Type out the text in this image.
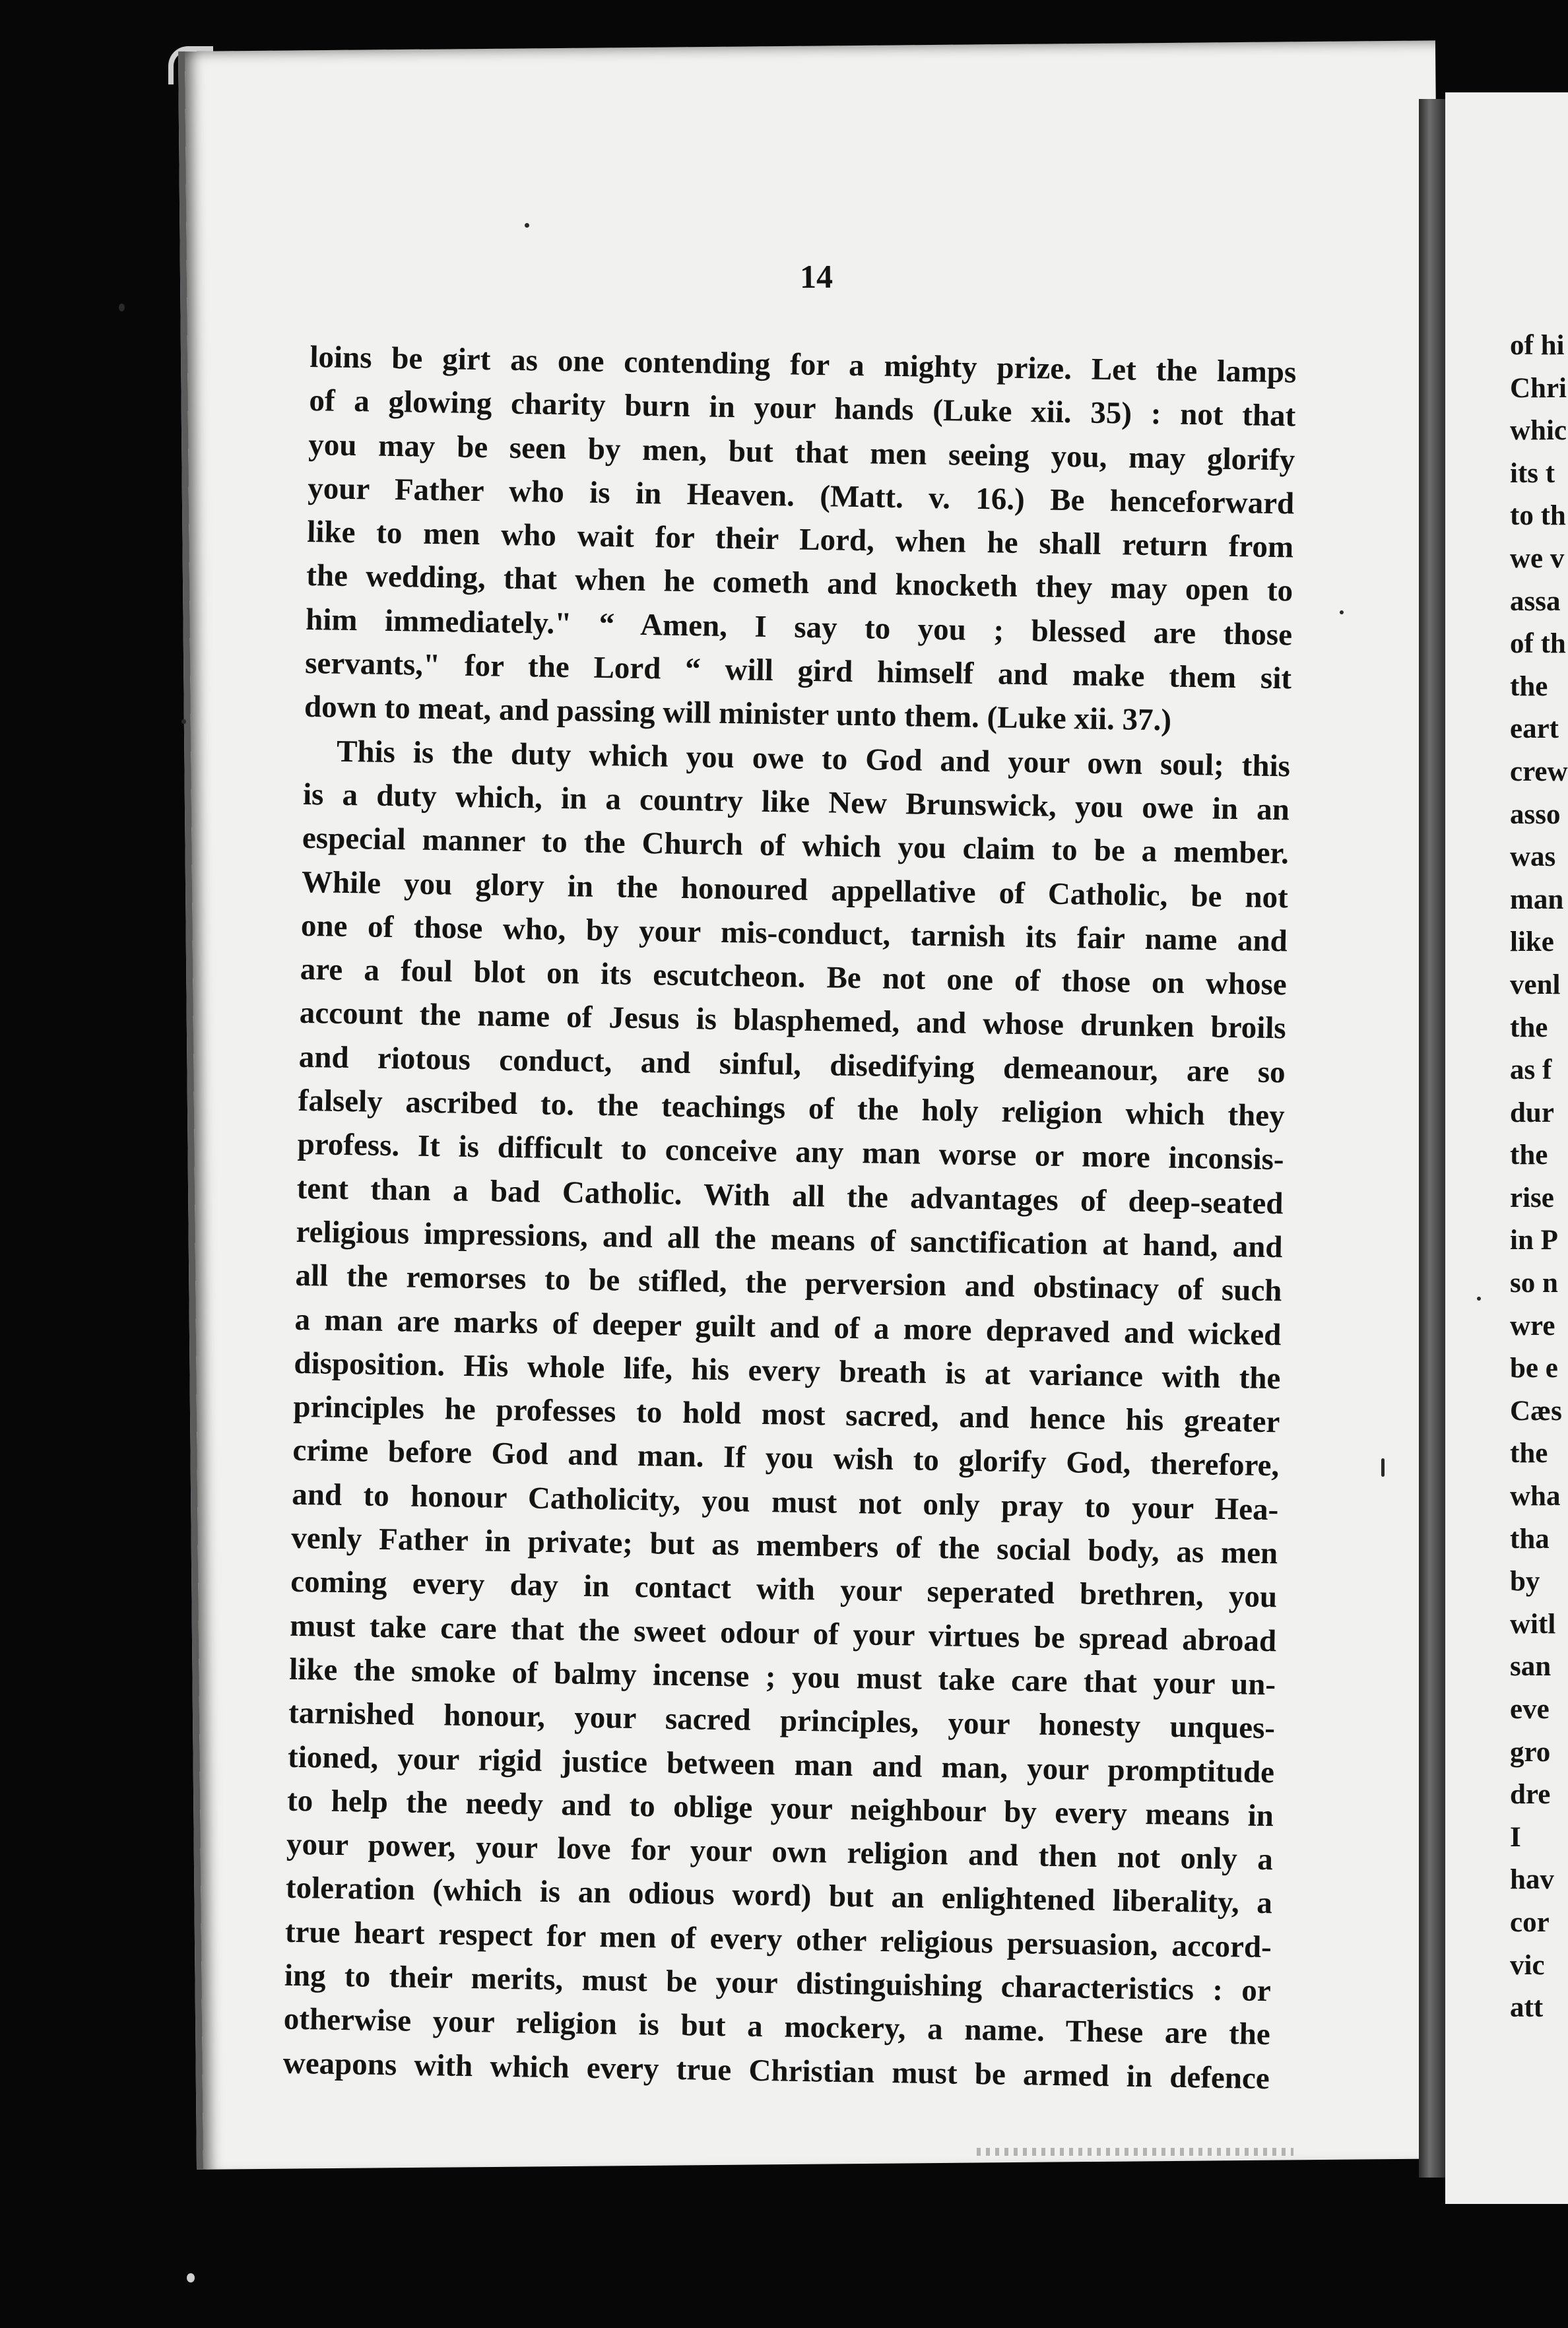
of hi
Chri
whic
its t
to th
we v
assa
of th
the
eart
crew
asso
was
man
like
venl
the
as f
dur
the
rise
in P
so n
wre
be e
Cæs
the
wha
tha
by
witl
san
eve
gro
dre
I
hav
cor
vic
att
14
loins be girt as one contending for a mighty prize. Let the lamps
of a glowing charity burn in your hands (Luke xii. 35) : not that
you may be seen by men, but that men seeing you, may glorify
your Father who is in Heaven. (Matt. v. 16.) Be henceforward
like to men who wait for their Lord, when he shall return from
the wedding, that when he cometh and knocketh they may open to
him immediately." “ Amen, I say to you ; blessed are those
servants," for the Lord “ will gird himself and make them sit
down to meat, and passing will minister unto them. (Luke xii. 37.)
This is the duty which you owe to God and your own soul; this
is a duty which, in a country like New Brunswick, you owe in an
especial manner to the Church of which you claim to be a member.
While you glory in the honoured appellative of Catholic, be not
one of those who, by your mis-conduct, tarnish its fair name and
are a foul blot on its escutcheon. Be not one of those on whose
account the name of Jesus is blasphemed, and whose drunken broils
and riotous conduct, and sinful, disedifying demeanour, are so
falsely ascribed to. the teachings of the holy religion which they
profess. It is difficult to conceive any man worse or more inconsis-
tent than a bad Catholic. With all the advantages of deep-seated
religious impressions, and all the means of sanctification at hand, and
all the remorses to be stifled, the perversion and obstinacy of such
a man are marks of deeper guilt and of a more depraved and wicked
disposition. His whole life, his every breath is at variance with the
principles he professes to hold most sacred, and hence his greater
crime before God and man. If you wish to glorify God, therefore,
and to honour Catholicity, you must not only pray to your Hea-
venly Father in private; but as members of the social body, as men
coming every day in contact with your seperated brethren, you
must take care that the sweet odour of your virtues be spread abroad
like the smoke of balmy incense ; you must take care that your un-
tarnished honour, your sacred principles, your honesty unques-
tioned, your rigid justice between man and man, your promptitude
to help the needy and to oblige your neighbour by every means in
your power, your love for your own religion and then not only a
toleration (which is an odious word) but an enlightened liberality, a
true heart respect for men of every other religious persuasion, accord-
ing to their merits, must be your distinguishing characteristics : or
otherwise your religion is but a mockery, a name. These are the
weapons with which every true Christian must be armed in defence
